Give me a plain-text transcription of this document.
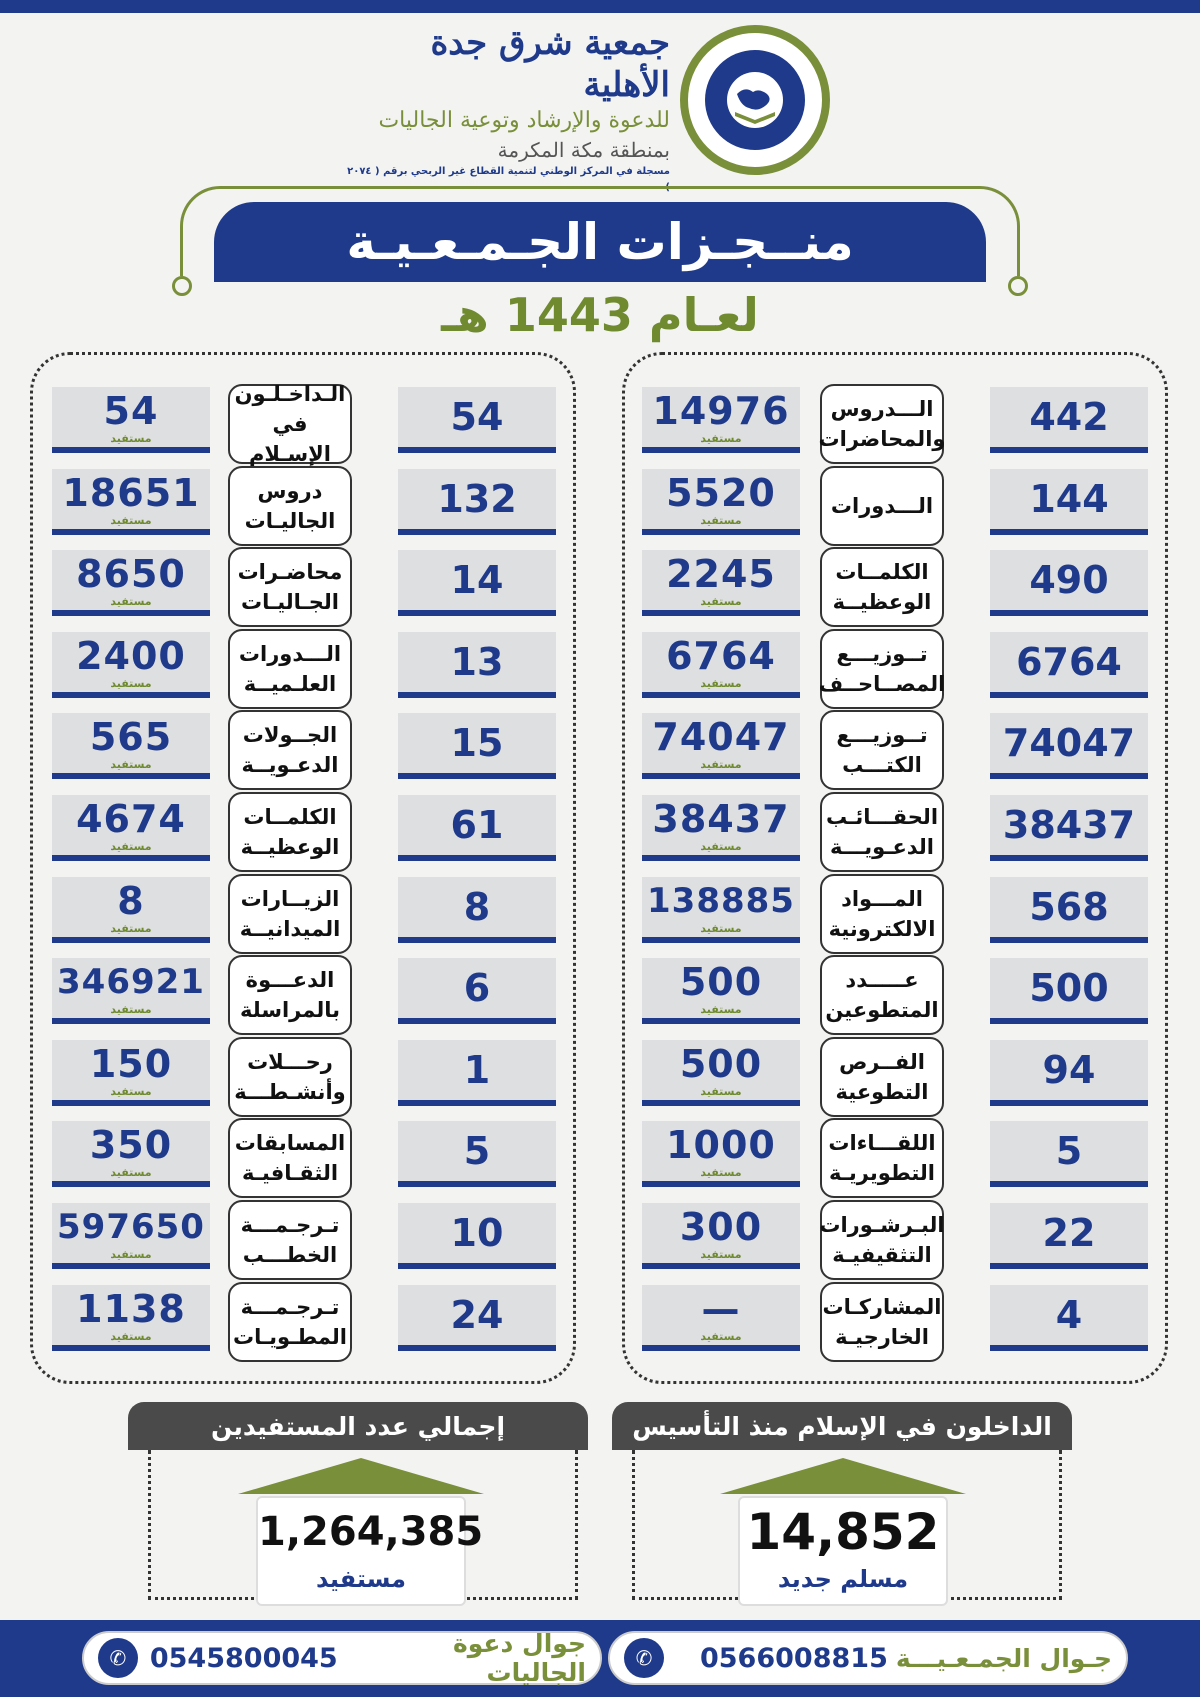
جمعية شرق جدة الأهلية
للدعوة والإرشاد وتوعية الجاليات
بمنطقة مكة المكرمة
مسجلة في المركز الوطني لتنمية القطاع غير الربحي برقم ( ٢٠٧٤ )
منــجـزات الجـمـعـيـة
لعـام 1443 هـ
442
الـــدروس والمحاضرات
14976
مستفيد
144
الـــدورات
5520
مستفيد
490
الكلمــات الوعظيــة
2245
مستفيد
6764
تــوزيـــع المصــاحــف
6764
مستفيد
74047
تــوزيـــع الكتـــب
74047
مستفيد
38437
الحقـــائـب الدعـويـــة
38437
مستفيد
568
المـــواد الالكترونية
138885
مستفيد
500
عـــــدد المتطوعين
500
مستفيد
94
الفــرص التطوعية
500
مستفيد
5
اللقـــاءات التطويريـة
1000
مستفيد
22
البـرشـورات التثقيفيـة
300
مستفيد
4
المشاركـات الخارجيـة
—
مستفيد
54
الـداخـلـون في الإسـلام
54
مستفيد
132
دروس الجاليـات
18651
مستفيد
14
محاضـرات الجـاليـات
8650
مستفيد
13
الـــدورات العلـميــة
2400
مستفيد
15
الجــولات الدعـويــة
565
مستفيد
61
الكلمــات الوعظيــة
4674
مستفيد
8
الزيــارات الميدانيــة
8
مستفيد
6
الدعـــوة بالمراسلة
346921
مستفيد
1
رحـــلات وأنشـطـــة
150
مستفيد
5
المسابقات الثقـافيـة
350
مستفيد
10
تـرجـمـــة الخطـــب
597650
مستفيد
24
تـرجـمـــة المطـويـات
1138
مستفيد
الداخلون في الإسلام منذ التأسيس
14,852
مسلم جديد
إجمالي عدد المستفيدين
1,264,385
مستفيد
جـوال الجمـعـيـــة
0566008815
✆
جوال دعوة الجاليات
0545800045
✆
